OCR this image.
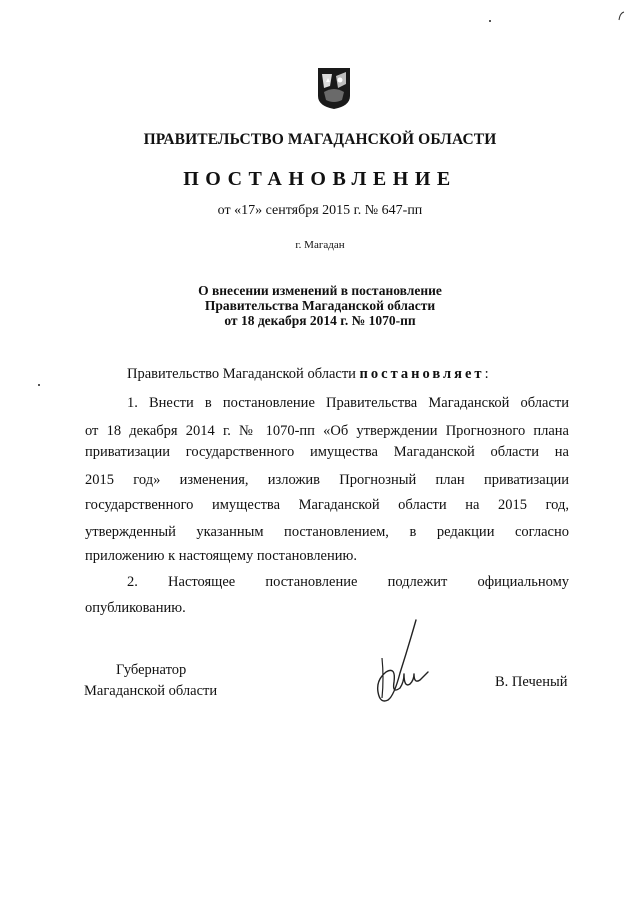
ПРАВИТЕЛЬСТВО МАГАДАНСКОЙ ОБЛАСТИ
ПОСТАНОВЛЕНИЕ
от «17» сентября 2015 г. № 647-пп
г. Магадан
О внесении изменений в постановление
Правительства Магаданской области
от 18 декабря 2014 г. № 1070-пп
Правительство Магаданской области постановляет:
1. Внести в постановление Правительства Магаданской области
от 18 декабря 2014 г. № 1070-пп «Об утверждении Прогнозного плана
приватизации государственного имущества Магаданской области на
2015 год» изменения, изложив Прогнозный план приватизации
государственного имущества Магаданской области на 2015 год,
утвержденный указанным постановлением, в редакции согласно
приложению к настоящему постановлению.
2. Настоящее постановление подлежит официальному
опубликованию.
Губернатор
Магаданской области
В. Печеный
